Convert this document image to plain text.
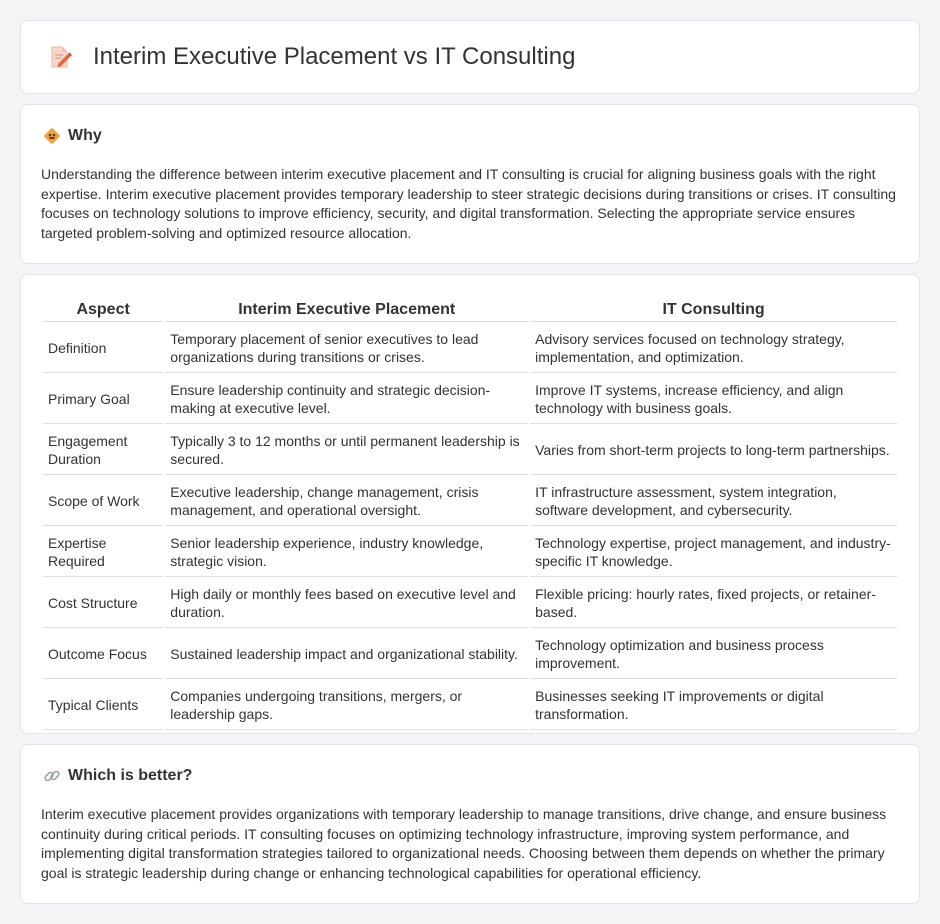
Interim Executive Placement vs IT Consulting
Why

Understanding the difference between interim executive placement and IT consulting is crucial for aligning business goals with the right expertise. Interim executive placement provides temporary leadership to steer strategic decisions during transitions or crises. IT consulting focuses on technology solutions to improve efficiency, security, and digital transformation. Selecting the appropriate service ensures targeted problem-solving and optimized resource allocation.

Aspect	Interim Executive Placement	IT Consulting
Definition	Temporary placement of senior executives to lead organizations during transitions or crises.	Advisory services focused on technology strategy, implementation, and optimization.
Primary Goal	Ensure leadership continuity and strategic decision-making at executive level.	Improve IT systems, increase efficiency, and align technology with business goals.
Engagement Duration	Typically 3 to 12 months or until permanent leadership is secured.	Varies from short-term projects to long-term partnerships.
Scope of Work	Executive leadership, change management, crisis management, and operational oversight.	IT infrastructure assessment, system integration, software development, and cybersecurity.
Expertise Required	Senior leadership experience, industry knowledge, strategic vision.	Technology expertise, project management, and industry-specific IT knowledge.
Cost Structure	High daily or monthly fees based on executive level and duration.	Flexible pricing: hourly rates, fixed projects, or retainer-based.
Outcome Focus	Sustained leadership impact and organizational stability.	Technology optimization and business process improvement.
Typical Clients	Companies undergoing transitions, mergers, or leadership gaps.	Businesses seeking IT improvements or digital transformation.
Which is better?

Interim executive placement provides organizations with temporary leadership to manage transitions, drive change, and ensure business continuity during critical periods. IT consulting focuses on optimizing technology infrastructure, improving system performance, and implementing digital transformation strategies tailored to organizational needs. Choosing between them depends on whether the primary goal is strategic leadership during change or enhancing technological capabilities for operational efficiency.
